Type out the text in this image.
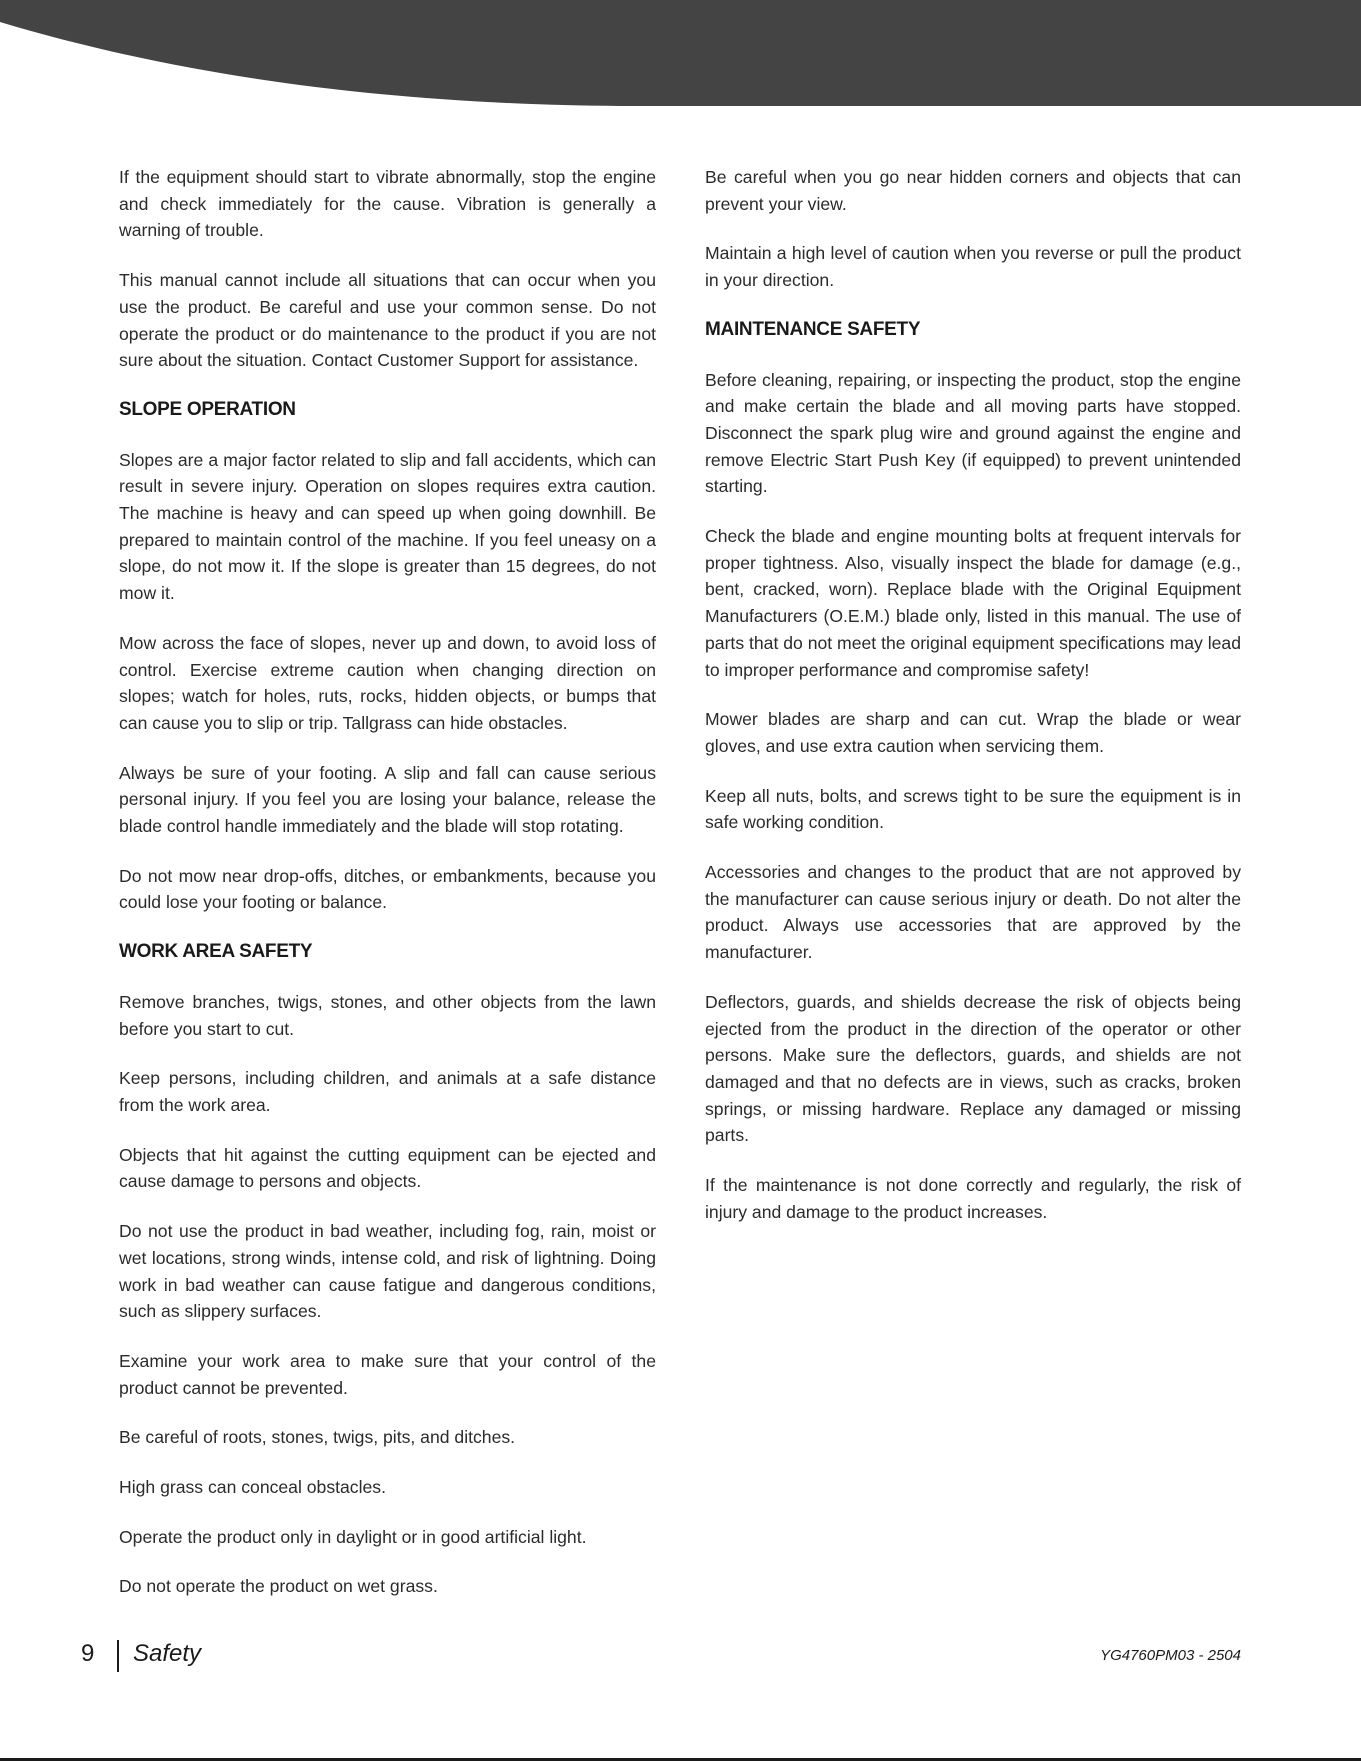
If the equipment should start to vibrate abnormally, stop the engine and check immediately for the cause. Vibration is generally a warning of trouble.

This manual cannot include all situations that can occur when you use the product. Be careful and use your common sense. Do not operate the product or do maintenance to the product if you are not sure about the situation. Contact Customer Support for assistance.

SLOPE OPERATION

Slopes are a major factor related to slip and fall accidents, which can result in severe injury. Operation on slopes requires extra caution. The machine is heavy and can speed up when going downhill. Be prepared to maintain control of the machine. If you feel uneasy on a slope, do not mow it. If the slope is greater than 15 degrees, do not mow it.

Mow across the face of slopes, never up and down, to avoid loss of control. Exercise extreme caution when changing direction on slopes; watch for holes, ruts, rocks, hidden objects, or bumps that can cause you to slip or trip. Tallgrass can hide obstacles.

Always be sure of your footing. A slip and fall can cause serious personal injury. If you feel you are losing your balance, release the blade control handle immediately and the blade will stop rotating.

Do not mow near drop-offs, ditches, or embankments, because you could lose your footing or balance.

WORK AREA SAFETY

Remove branches, twigs, stones, and other objects from the lawn before you start to cut.

Keep persons, including children, and animals at a safe distance from the work area.

Objects that hit against the cutting equipment can be ejected and cause damage to persons and objects.

Do not use the product in bad weather, including fog, rain, moist or wet locations, strong winds, intense cold, and risk of lightning. Doing work in bad weather can cause fatigue and dangerous conditions, such as slippery surfaces.

Examine your work area to make sure that your control of the product cannot be prevented.

Be careful of roots, stones, twigs, pits, and ditches.

High grass can conceal obstacles.

Operate the product only in daylight or in good artificial light.

Do not operate the product on wet grass.

Be careful when you go near hidden corners and objects that can prevent your view.

Maintain a high level of caution when you reverse or pull the product in your direction.

MAINTENANCE SAFETY

Before cleaning, repairing, or inspecting the product, stop the engine and make certain the blade and all moving parts have stopped. Disconnect the spark plug wire and ground against the engine and remove Electric Start Push Key (if equipped) to prevent unintended starting.

Check the blade and engine mounting bolts at frequent intervals for proper tightness. Also, visually inspect the blade for damage (e.g., bent, cracked, worn). Replace blade with the Original Equipment Manufacturers (O.E.M.) blade only, listed in this manual. The use of parts that do not meet the original equipment specifications may lead to improper performance and compromise safety!

Mower blades are sharp and can cut. Wrap the blade or wear gloves, and use extra caution when servicing them.

Keep all nuts, bolts, and screws tight to be sure the equipment is in safe working condition.

Accessories and changes to the product that are not approved by the manufacturer can cause serious injury or death. Do not alter the product. Always use accessories that are approved by the manufacturer.

Deflectors, guards, and shields decrease the risk of objects being ejected from the product in the direction of the operator or other persons. Make sure the deflectors, guards, and shields are not damaged and that no defects are in views, such as cracks, broken springs, or missing hardware. Replace any damaged or missing parts.

If the maintenance is not done correctly and regularly, the risk of injury and damage to the product increases.

9 Safety	YG4760PM03 - 2504
